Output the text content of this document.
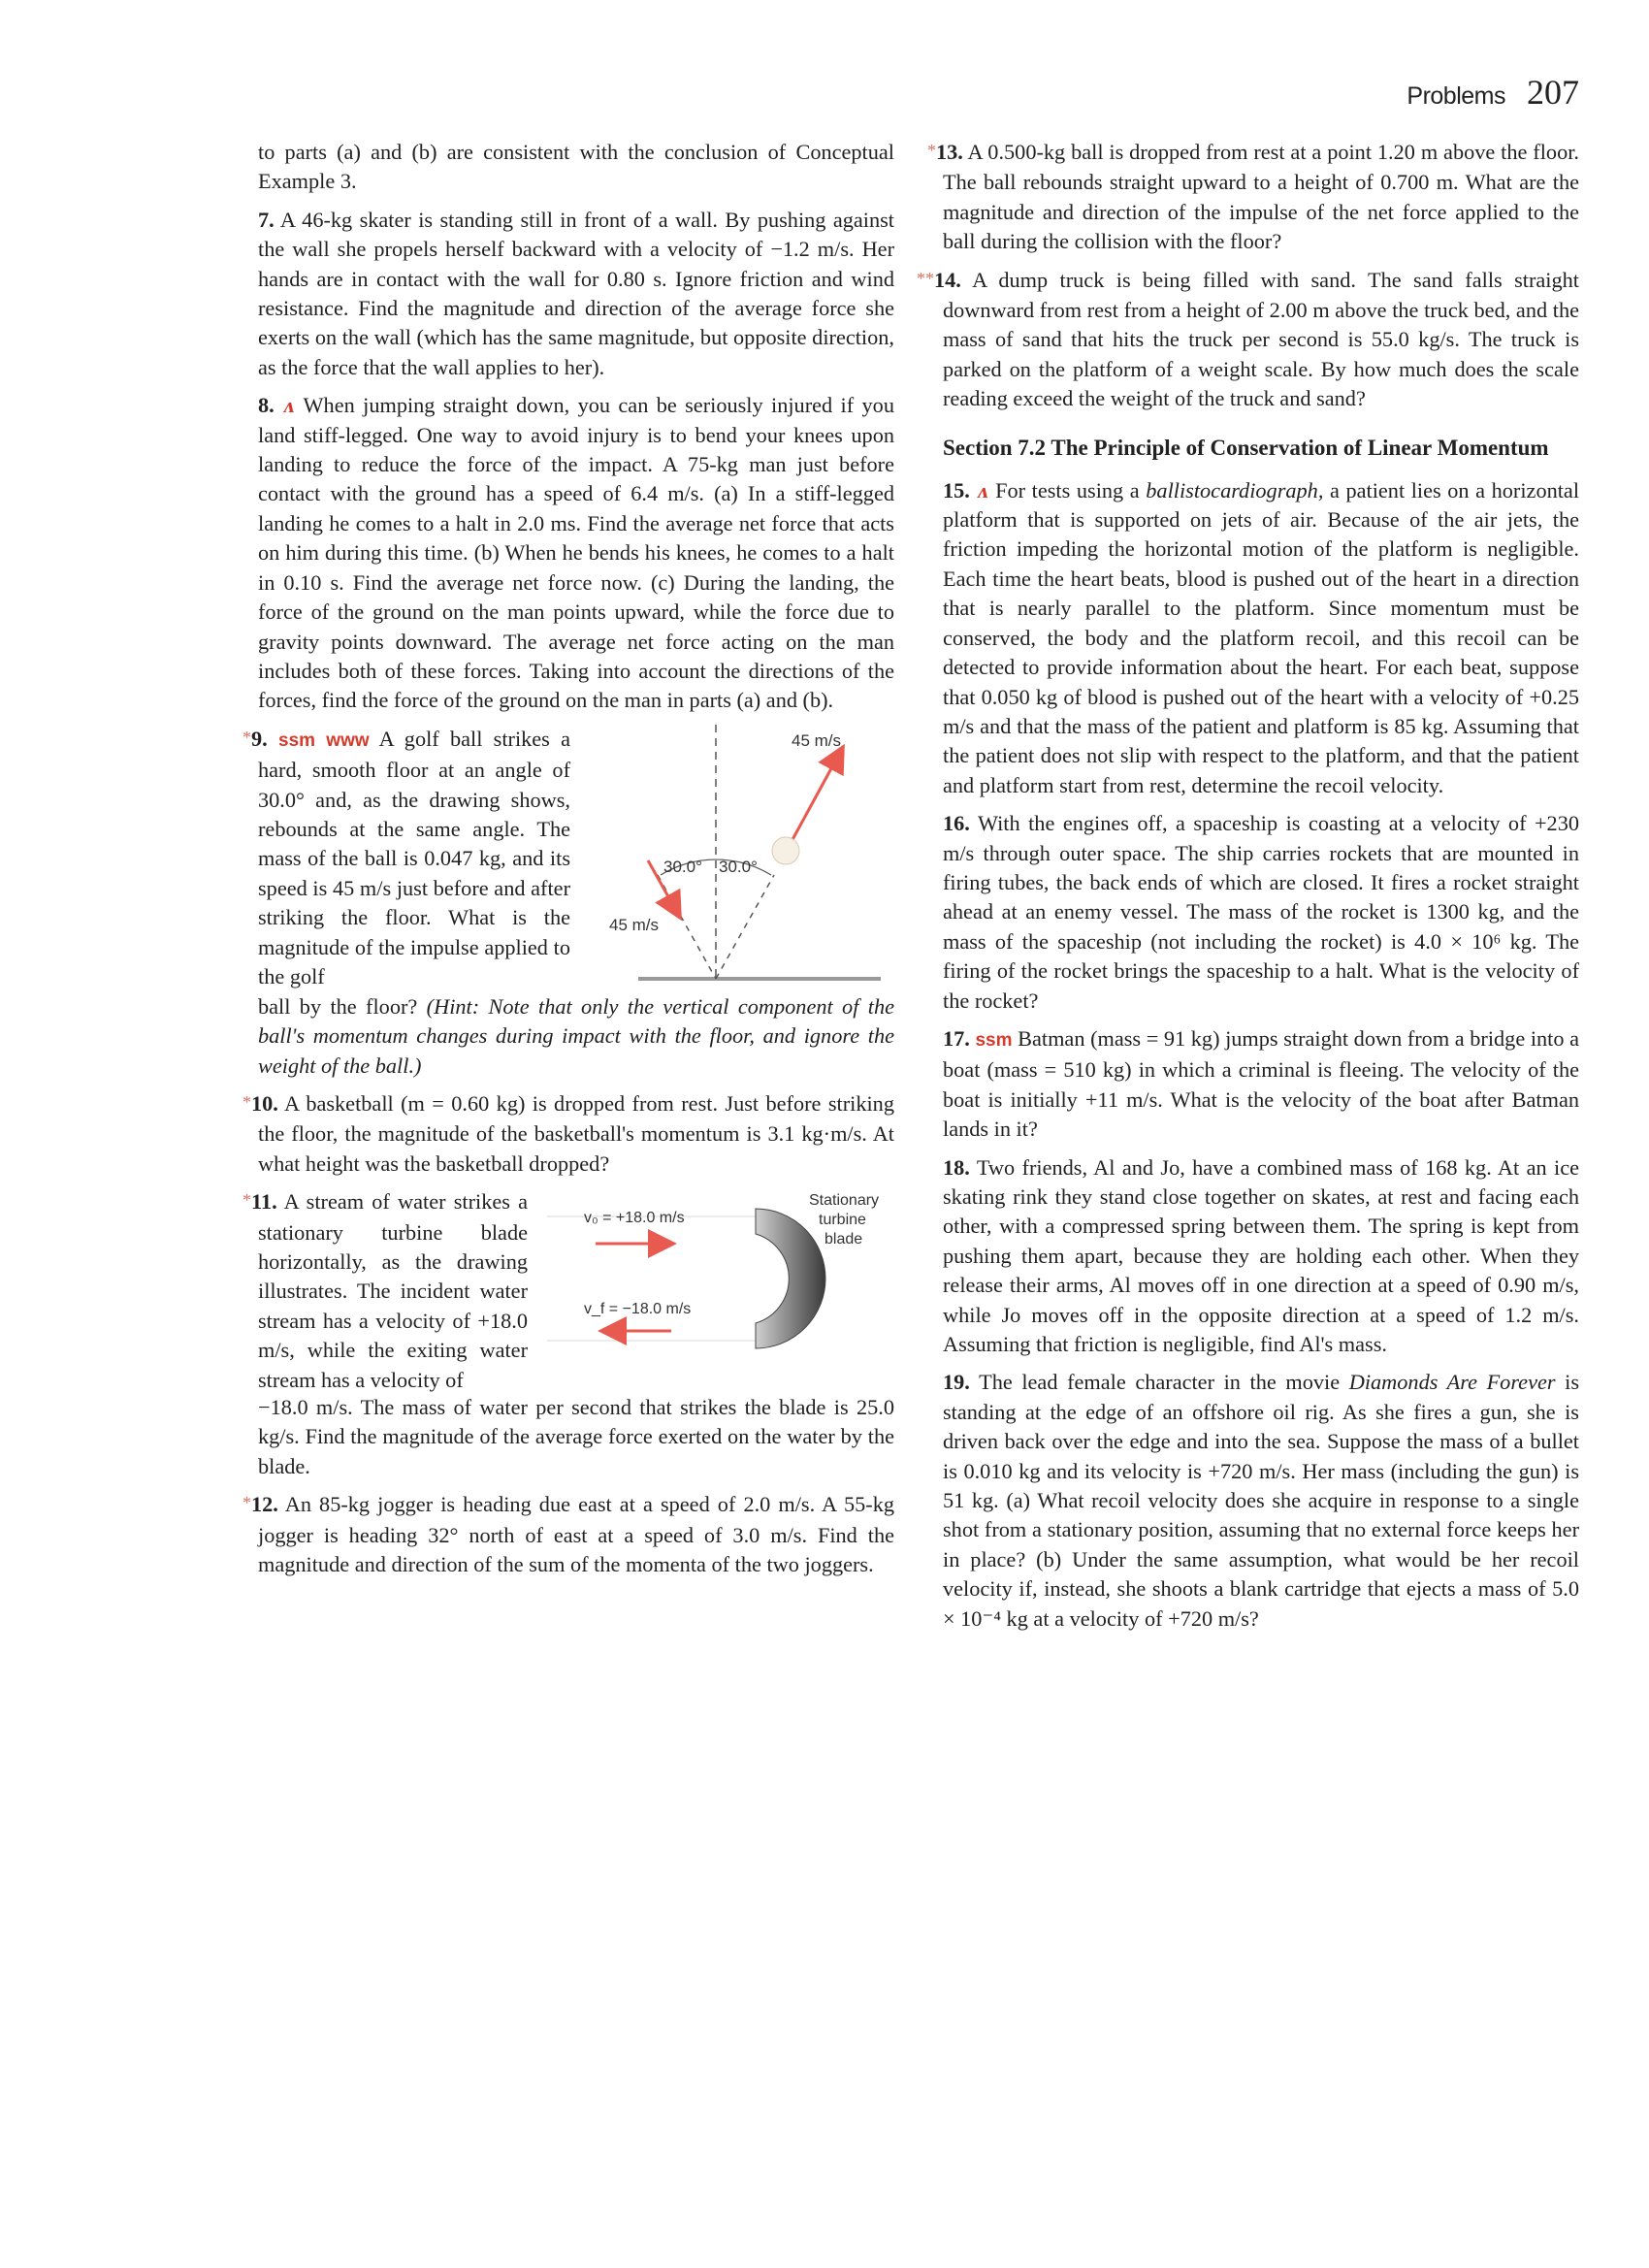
Problems 207

to parts (a) and (b) are consistent with the conclusion of Conceptual Example 3.

7. A 46-kg skater is standing still in front of a wall. By pushing against the wall she propels herself backward with a velocity of −1.2 m/s. Her hands are in contact with the wall for 0.80 s. Ignore friction and wind resistance. Find the magnitude and direction of the average force she exerts on the wall (which has the same magnitude, but opposite direction, as the force that the wall applies to her).

8.  ᴧ  When jumping straight down, you can be seriously injured if you land stiff-legged. One way to avoid injury is to bend your knees upon landing to reduce the force of the impact. A 75-kg man just before contact with the ground has a speed of 6.4 m/s. (a) In a stiff-legged landing he comes to a halt in 2.0 ms. Find the average net force that acts on him during this time. (b) When he bends his knees, he comes to a halt in 0.10 s. Find the average net force now. (c) During the landing, the force of the ground on the man points upward, while the force due to gravity points downward. The average net force acting on the man includes both of these forces. Taking into account the directions of the forces, find the force of the ground on the man in parts (a) and (b).

*9. ssm www A golf ball strikes a hard, smooth floor at an angle of 30.0° and, as the drawing shows, rebounds at the same angle. The mass of the ball is 0.047 kg, and its speed is 45 m/s just before and after striking the floor. What is the magnitude of the impulse applied to the golf
45 m/s
45 m/s
30.0° 30.0°

ball by the floor? (Hint: Note that only the vertical component of the ball's momentum changes during impact with the floor, and ignore the weight of the ball.)

*10. A basketball (m = 0.60 kg) is dropped from rest. Just before striking the floor, the magnitude of the basketball's momentum is 3.1 kg·m/s. At what height was the basketball dropped?

*11. A stream of water strikes a stationary turbine blade horizontally, as the drawing illustrates. The incident water stream has a velocity of +18.0 m/s, while the exiting water stream has a velocity of
v₀ = +18.0 m/s
v_f = −18.0 m/s
Stationary
turbine
blade

−18.0 m/s. The mass of water per second that strikes the blade is 25.0 kg/s. Find the magnitude of the average force exerted on the water by the blade.

*12. An 85-kg jogger is heading due east at a speed of 2.0 m/s. A 55-kg jogger is heading 32° north of east at a speed of 3.0 m/s. Find the magnitude and direction of the sum of the momenta of the two joggers.

*13. A 0.500-kg ball is dropped from rest at a point 1.20 m above the floor. The ball rebounds straight upward to a height of 0.700 m. What are the magnitude and direction of the impulse of the net force applied to the ball during the collision with the floor?

**14. A dump truck is being filled with sand. The sand falls straight downward from rest from a height of 2.00 m above the truck bed, and the mass of sand that hits the truck per second is 55.0 kg/s. The truck is parked on the platform of a weight scale. By how much does the scale reading exceed the weight of the truck and sand?

Section 7.2 The Principle of Conservation of Linear Momentum

15.  ᴧ  For tests using a ballistocardiograph, a patient lies on a horizontal platform that is supported on jets of air. Because of the air jets, the friction impeding the horizontal motion of the platform is negligible. Each time the heart beats, blood is pushed out of the heart in a direction that is nearly parallel to the platform. Since momentum must be conserved, the body and the platform recoil, and this recoil can be detected to provide information about the heart. For each beat, suppose that 0.050 kg of blood is pushed out of the heart with a velocity of +0.25 m/s and that the mass of the patient and platform is 85 kg. Assuming that the patient does not slip with respect to the platform, and that the patient and platform start from rest, determine the recoil velocity.

16. With the engines off, a spaceship is coasting at a velocity of +230 m/s through outer space. The ship carries rockets that are mounted in firing tubes, the back ends of which are closed. It fires a rocket straight ahead at an enemy vessel. The mass of the rocket is 1300 kg, and the mass of the spaceship (not including the rocket) is 4.0 × 10⁶ kg. The firing of the rocket brings the spaceship to a halt. What is the velocity of the rocket?

17. ssm Batman (mass = 91 kg) jumps straight down from a bridge into a boat (mass = 510 kg) in which a criminal is fleeing. The velocity of the boat is initially +11 m/s. What is the velocity of the boat after Batman lands in it?

18. Two friends, Al and Jo, have a combined mass of 168 kg. At an ice skating rink they stand close together on skates, at rest and facing each other, with a compressed spring between them. The spring is kept from pushing them apart, because they are holding each other. When they release their arms, Al moves off in one direction at a speed of 0.90 m/s, while Jo moves off in the opposite direction at a speed of 1.2 m/s. Assuming that friction is negligible, find Al's mass.

19. The lead female character in the movie Diamonds Are Forever is standing at the edge of an offshore oil rig. As she fires a gun, she is driven back over the edge and into the sea. Suppose the mass of a bullet is 0.010 kg and its velocity is +720 m/s. Her mass (including the gun) is 51 kg. (a) What recoil velocity does she acquire in response to a single shot from a stationary position, assuming that no external force keeps her in place? (b) Under the same assumption, what would be her recoil velocity if, instead, she shoots a blank cartridge that ejects a mass of 5.0 × 10⁻⁴ kg at a velocity of +720 m/s?
